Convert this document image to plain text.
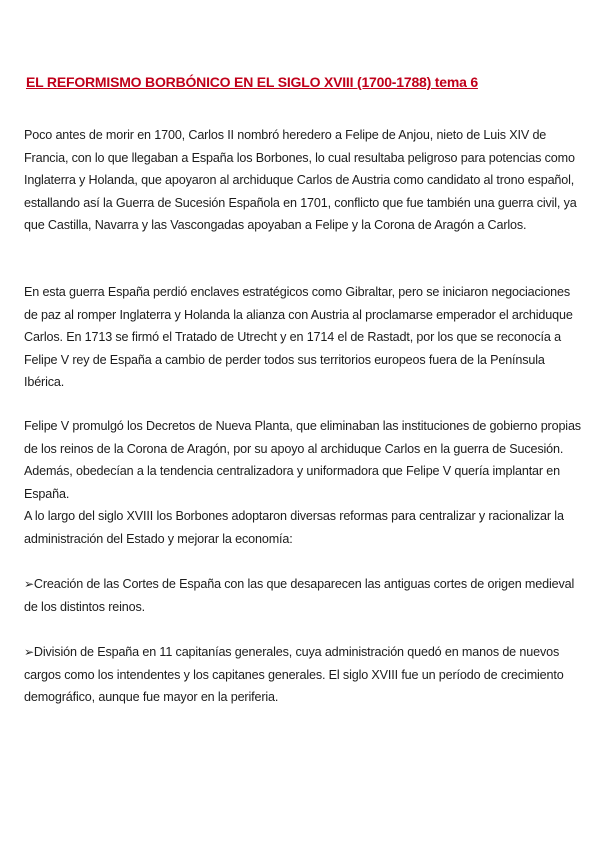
EL REFORMISMO BORBÓNICO EN EL SIGLO XVIII (1700-1788) tema 6
Poco antes de morir en 1700, Carlos II nombró heredero a Felipe de Anjou, nieto de Luis XIV de Francia, con lo que llegaban a España los Borbones, lo cual resultaba peligroso para potencias como Inglaterra y Holanda, que apoyaron al archiduque Carlos de Austria como candidato al trono español, estallando así la Guerra de Sucesión Española en 1701, conflicto que fue también una guerra civil, ya que Castilla, Navarra y las Vascongadas apoyaban a Felipe y la Corona de Aragón a Carlos.
En esta guerra España perdió enclaves estratégicos como Gibraltar, pero se iniciaron negociaciones de paz al romper Inglaterra y Holanda la alianza con Austria al proclamarse emperador el archiduque Carlos. En 1713 se firmó el Tratado de Utrecht y en 1714 el de Rastadt, por los que se reconocía a Felipe V rey de España a cambio de perder todos sus territorios europeos fuera de la Península Ibérica.
Felipe V promulgó los Decretos de Nueva Planta, que eliminaban las instituciones de gobierno propias de los reinos de la Corona de Aragón, por su apoyo al archiduque Carlos en la guerra de Sucesión. Además, obedecían a la tendencia centralizadora y uniformadora que Felipe V quería implantar en España.
A lo largo del siglo XVIII los Borbones adoptaron diversas reformas para centralizar y racionalizar la administración del Estado y mejorar la economía:
➢Creación de las Cortes de España con las que desaparecen las antiguas cortes de origen medieval de los distintos reinos.
➢División de España en 11 capitanías generales, cuya administración quedó en manos de nuevos cargos como los intendentes y los capitanes generales. El siglo XVIII fue un período de crecimiento demográfico, aunque fue mayor en la periferia.
